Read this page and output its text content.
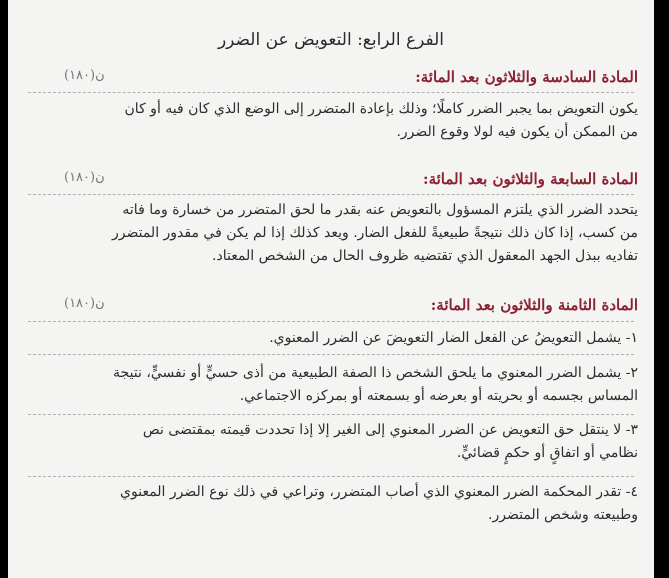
الفرع الرابع: التعويض عن الضرر
المادة السادسة والثلاثون بعد المائة:
ن(١٨٠)
يكون التعويض بما يجبر الضرر كاملًا؛ وذلك بإعادة المتضرر إلى الوضع الذي كان فيه أو كان
من الممكن أن يكون فيه لولا وقوع الضرر.
المادة السابعة والثلاثون بعد المائة:
ن(١٨٠)
يتحدد الضرر الذي يلتزم المسؤول بالتعويض عنه بقدر ما لحق المتضرر من خسارة وما فاته
من كسب، إذا كان ذلك نتيجةً طبيعيةً للفعل الضار. ويعد كذلك إذا لم يكن في مقدور المتضرر
تفاديه ببذل الجهد المعقول الذي تقتضيه ظروف الحال من الشخص المعتاد.
المادة الثامنة والثلاثون بعد المائة:
ن(١٨٠)
١- يشمل التعويضُ عن الفعل الضار التعويضَ عن الضرر المعنوي.
٢- يشمل الضرر المعنوي ما يلحق الشخص ذا الصفة الطبيعية من أذى حسيٍّ أو نفسيٍّ، نتيجة
المساس بجسمه أو بحريته أو بعرضه أو بسمعته أو بمركزه الاجتماعي.
٣- لا ينتقل حق التعويض عن الضرر المعنوي إلى الغير إلا إذا تحددت قيمته بمقتضى نص
نظامي أو اتفاقٍ أو حكمٍ قضائيٍّ.
٤- تقدر المحكمة الضرر المعنوي الذي أصاب المتضرر، وتراعي في ذلك نوع الضرر المعنوي
وطبيعته وشخص المتضرر.
